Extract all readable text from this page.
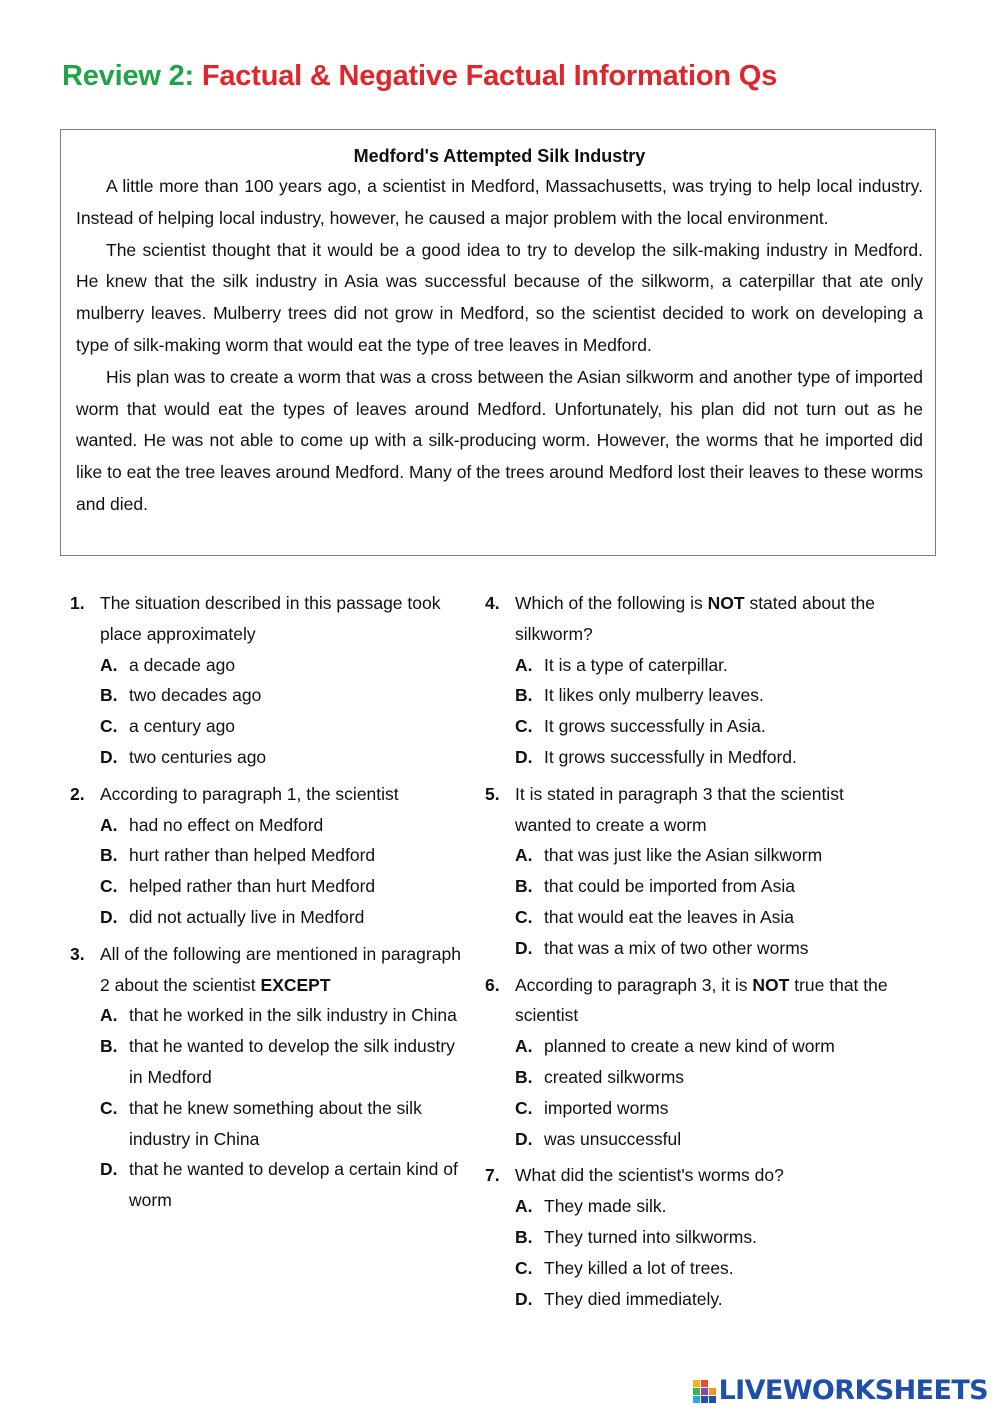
Review 2: Factual & Negative Factual Information Qs
Medford's Attempted Silk Industry

A little more than 100 years ago, a scientist in Medford, Massachusetts, was trying to help local industry. Instead of helping local industry, however, he caused a major problem with the local environment.

The scientist thought that it would be a good idea to try to develop the silk-making industry in Medford. He knew that the silk industry in Asia was successful because of the silkworm, a caterpillar that ate only mulberry leaves. Mulberry trees did not grow in Medford, so the scientist decided to work on developing a type of silk-making worm that would eat the type of tree leaves in Medford.

His plan was to create a worm that was a cross between the Asian silkworm and another type of imported worm that would eat the types of leaves around Medford. Unfortunately, his plan did not turn out as he wanted. He was not able to come up with a silk-producing worm. However, the worms that he imported did like to eat the tree leaves around Medford. Many of the trees around Medford lost their leaves to these worms and died.

1. The situation described in this passage took place approximately
A. a decade ago
B. two decades ago
C. a century ago
D. two centuries ago
2. According to paragraph 1, the scientist
A. had no effect on Medford
B. hurt rather than helped Medford
C. helped rather than hurt Medford
D. did not actually live in Medford
3. All of the following are mentioned in paragraph 2 about the scientist EXCEPT
A. that he worked in the silk industry in China
B. that he wanted to develop the silk industry in Medford
C. that he knew something about the silk industry in China
D. that he wanted to develop a certain kind of worm
4. Which of the following is NOT stated about the silkworm?
A. It is a type of caterpillar.
B. It likes only mulberry leaves.
C. It grows successfully in Asia.
D. It grows successfully in Medford.
5. It is stated in paragraph 3 that the scientist wanted to create a worm
A. that was just like the Asian silkworm
B. that could be imported from Asia
C. that would eat the leaves in Asia
D. that was a mix of two other worms
6. According to paragraph 3, it is NOT true that the scientist
A. planned to create a new kind of worm
B. created silkworms
C. imported worms
D. was unsuccessful
7. What did the scientist's worms do?
A. They made silk.
B. They turned into silkworms.
C. They killed a lot of trees.
D. They died immediately.
LIVEWORKSHEETS
